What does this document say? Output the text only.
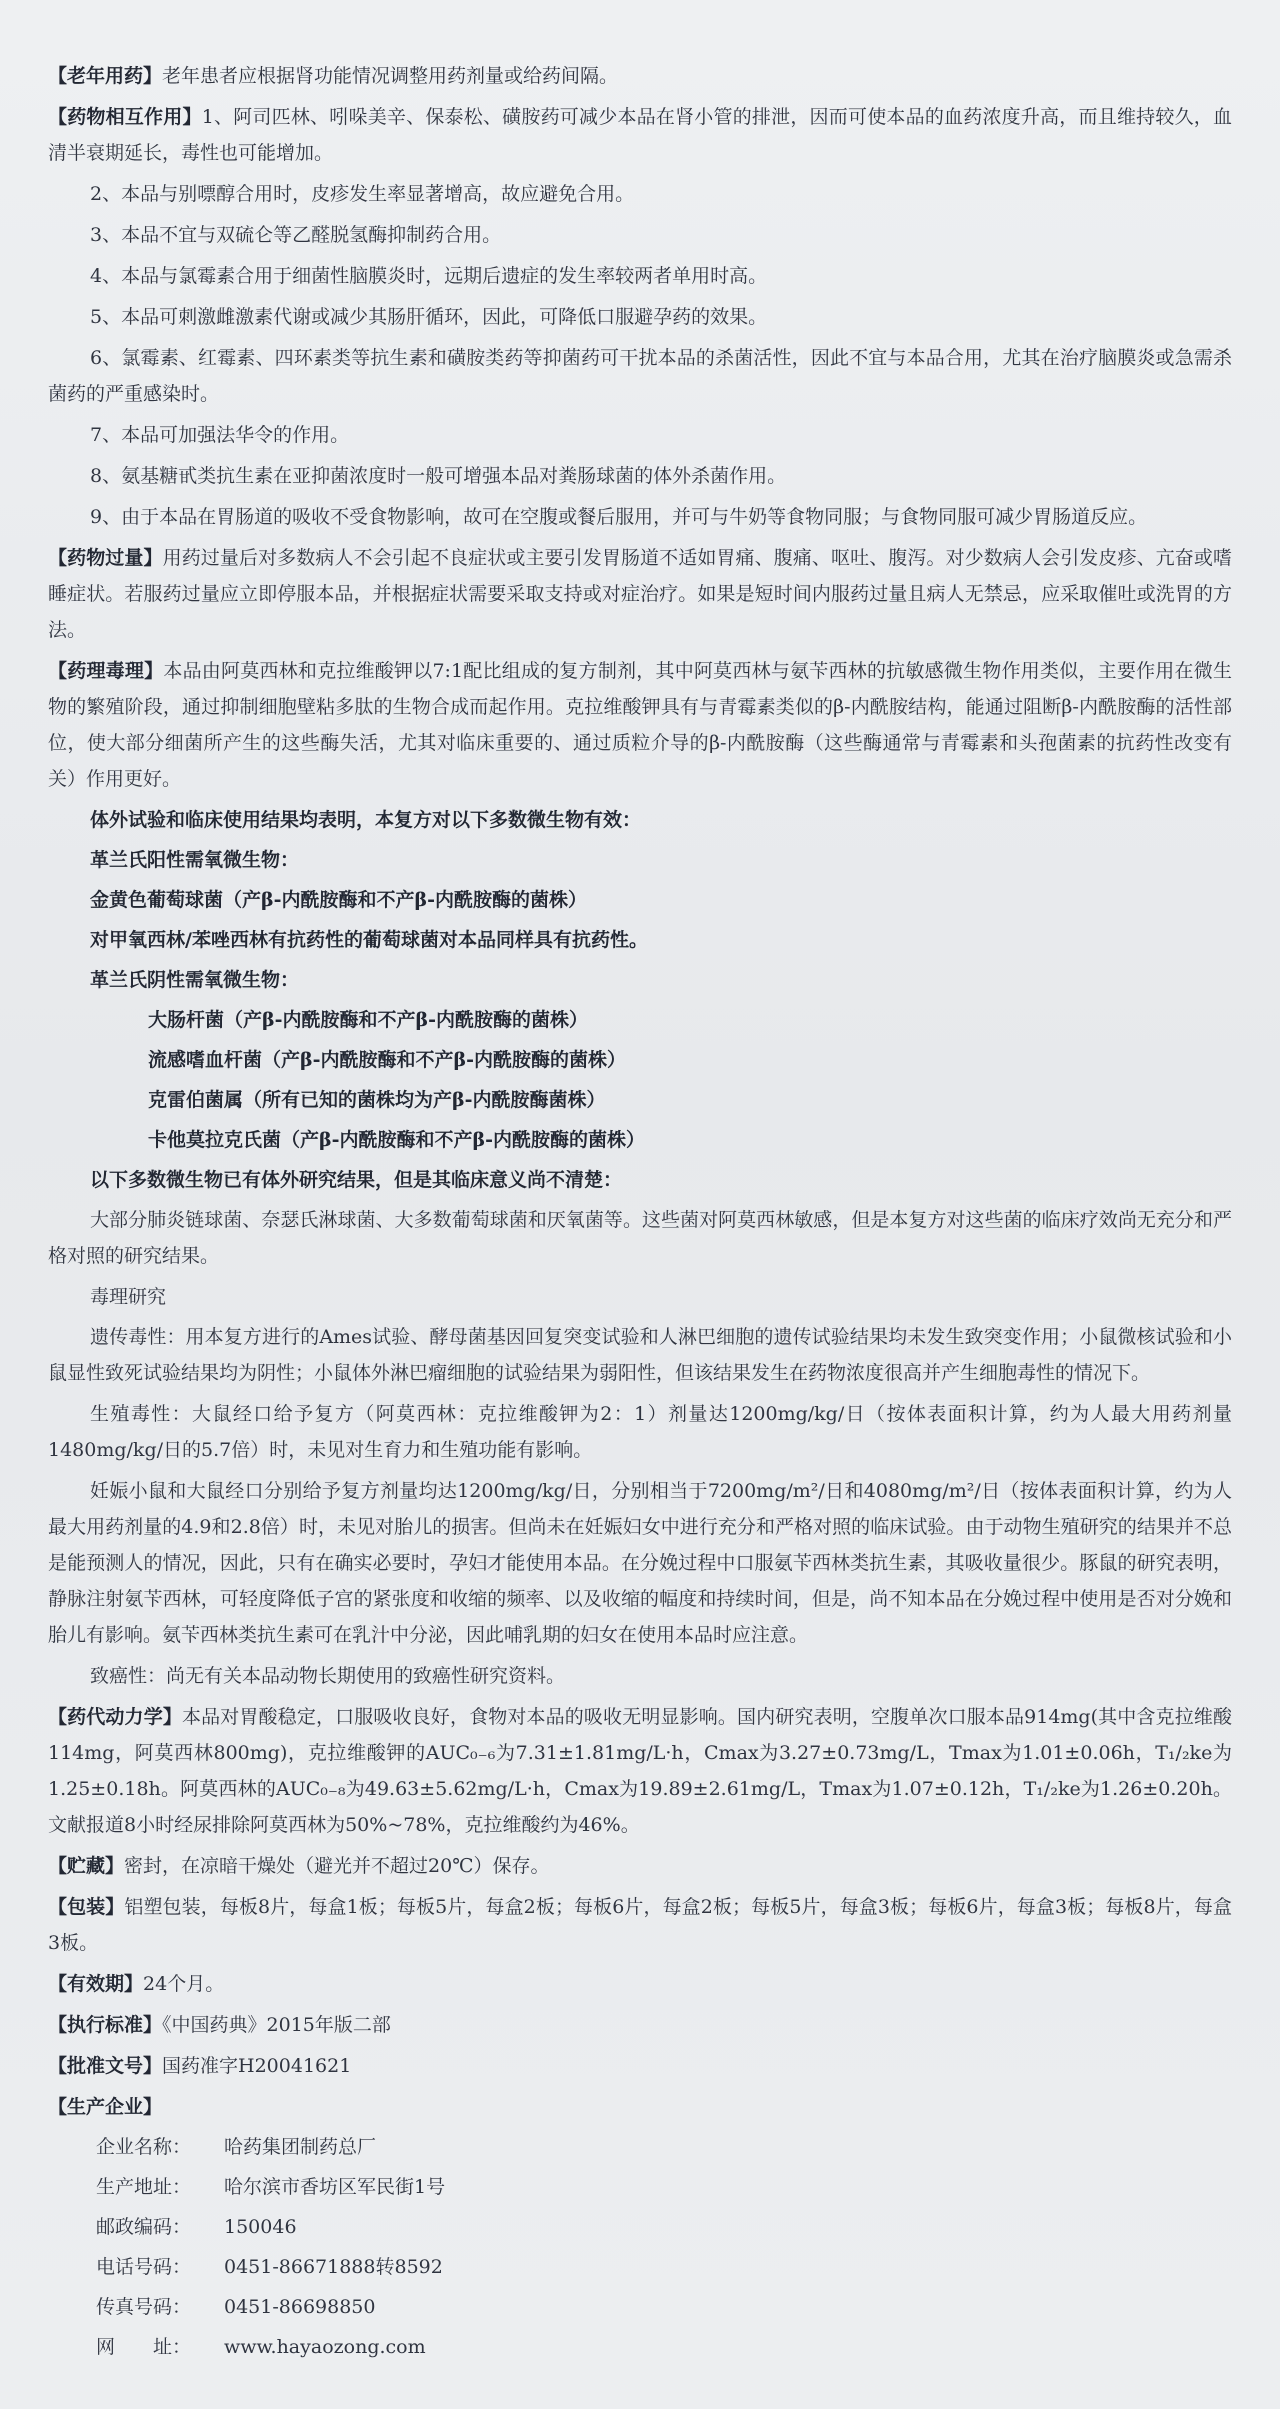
【老年用药】老年患者应根据肾功能情况调整用药剂量或给药间隔。

【药物相互作用】1、阿司匹林、吲哚美辛、保泰松、磺胺药可减少本品在肾小管的排泄，因而可使本品的血药浓度升高，而且维持较久，血清半衰期延长，毒性也可能增加。

2、本品与别嘌醇合用时，皮疹发生率显著增高，故应避免合用。

3、本品不宜与双硫仑等乙醛脱氢酶抑制药合用。

4、本品与氯霉素合用于细菌性脑膜炎时，远期后遗症的发生率较两者单用时高。

5、本品可刺激雌激素代谢或减少其肠肝循环，因此，可降低口服避孕药的效果。

6、氯霉素、红霉素、四环素类等抗生素和磺胺类药等抑菌药可干扰本品的杀菌活性，因此不宜与本品合用，尤其在治疗脑膜炎或急需杀菌药的严重感染时。

7、本品可加强法华令的作用。

8、氨基糖甙类抗生素在亚抑菌浓度时一般可增强本品对粪肠球菌的体外杀菌作用。

9、由于本品在胃肠道的吸收不受食物影响，故可在空腹或餐后服用，并可与牛奶等食物同服；与食物同服可减少胃肠道反应。

【药物过量】用药过量后对多数病人不会引起不良症状或主要引发胃肠道不适如胃痛、腹痛、呕吐、腹泻。对少数病人会引发皮疹、亢奋或嗜睡症状。若服药过量应立即停服本品，并根据症状需要采取支持或对症治疗。如果是短时间内服药过量且病人无禁忌，应采取催吐或洗胃的方法。

【药理毒理】本品由阿莫西林和克拉维酸钾以7:1配比组成的复方制剂，其中阿莫西林与氨苄西林的抗敏感微生物作用类似，主要作用在微生物的繁殖阶段，通过抑制细胞壁粘多肽的生物合成而起作用。克拉维酸钾具有与青霉素类似的β-内酰胺结构，能通过阻断β-内酰胺酶的活性部位，使大部分细菌所产生的这些酶失活，尤其对临床重要的、通过质粒介导的β-内酰胺酶（这些酶通常与青霉素和头孢菌素的抗药性改变有关）作用更好。

体外试验和临床使用结果均表明，本复方对以下多数微生物有效：

革兰氏阳性需氧微生物：

金黄色葡萄球菌（产β-内酰胺酶和不产β-内酰胺酶的菌株）

对甲氧西林/苯唑西林有抗药性的葡萄球菌对本品同样具有抗药性。

革兰氏阴性需氧微生物：

大肠杆菌（产β-内酰胺酶和不产β-内酰胺酶的菌株）

流感嗜血杆菌（产β-内酰胺酶和不产β-内酰胺酶的菌株）

克雷伯菌属（所有已知的菌株均为产β-内酰胺酶菌株）

卡他莫拉克氏菌（产β-内酰胺酶和不产β-内酰胺酶的菌株）

以下多数微生物已有体外研究结果，但是其临床意义尚不清楚：

大部分肺炎链球菌、奈瑟氏淋球菌、大多数葡萄球菌和厌氧菌等。这些菌对阿莫西林敏感，但是本复方对这些菌的临床疗效尚无充分和严格对照的研究结果。

毒理研究

遗传毒性：用本复方进行的Ames试验、酵母菌基因回复突变试验和人淋巴细胞的遗传试验结果均未发生致突变作用；小鼠微核试验和小鼠显性致死试验结果均为阴性；小鼠体外淋巴瘤细胞的试验结果为弱阳性，但该结果发生在药物浓度很高并产生细胞毒性的情况下。

生殖毒性：大鼠经口给予复方（阿莫西林：克拉维酸钾为2：1）剂量达1200mg/kg/日（按体表面积计算，约为人最大用药剂量1480mg/kg/日的5.7倍）时，未见对生育力和生殖功能有影响。

妊娠小鼠和大鼠经口分别给予复方剂量均达1200mg/kg/日，分别相当于7200mg/m²/日和4080mg/m²/日（按体表面积计算，约为人最大用药剂量的4.9和2.8倍）时，未见对胎儿的损害。但尚未在妊娠妇女中进行充分和严格对照的临床试验。由于动物生殖研究的结果并不总是能预测人的情况，因此，只有在确实必要时，孕妇才能使用本品。在分娩过程中口服氨苄西林类抗生素，其吸收量很少。豚鼠的研究表明，静脉注射氨苄西林，可轻度降低子宫的紧张度和收缩的频率、以及收缩的幅度和持续时间，但是，尚不知本品在分娩过程中使用是否对分娩和胎儿有影响。氨苄西林类抗生素可在乳汁中分泌，因此哺乳期的妇女在使用本品时应注意。

致癌性：尚无有关本品动物长期使用的致癌性研究资料。

【药代动力学】本品对胃酸稳定，口服吸收良好，食物对本品的吸收无明显影响。国内研究表明，空腹单次口服本品914mg(其中含克拉维酸114mg，阿莫西林800mg)，克拉维酸钾的AUC₀₋₆为7.31±1.81mg/L·h，Cmax为3.27±0.73mg/L，Tmax为1.01±0.06h，T₁/₂ke为1.25±0.18h。阿莫西林的AUC₀₋₈为49.63±5.62mg/L·h，Cmax为19.89±2.61mg/L，Tmax为1.07±0.12h，T₁/₂ke为1.26±0.20h。文献报道8小时经尿排除阿莫西林为50%~78%，克拉维酸约为46%。

【贮藏】密封，在凉暗干燥处（避光并不超过20℃）保存。

【包装】铝塑包装，每板8片，每盒1板；每板5片，每盒2板；每板6片，每盒2板；每板5片，每盒3板；每板6片，每盒3板；每板8片，每盒3板。

【有效期】24个月。

【执行标准】《中国药典》2015年版二部

【批准文号】国药准字H20041621

【生产企业】

企业名称：	哈药集团制药总厂
生产地址：	哈尔滨市香坊区军民街1号
邮政编码：	150046
电话号码：	0451-86671888转8592
传真号码：	0451-86698850
网　　址：	www.hayaozong.com
